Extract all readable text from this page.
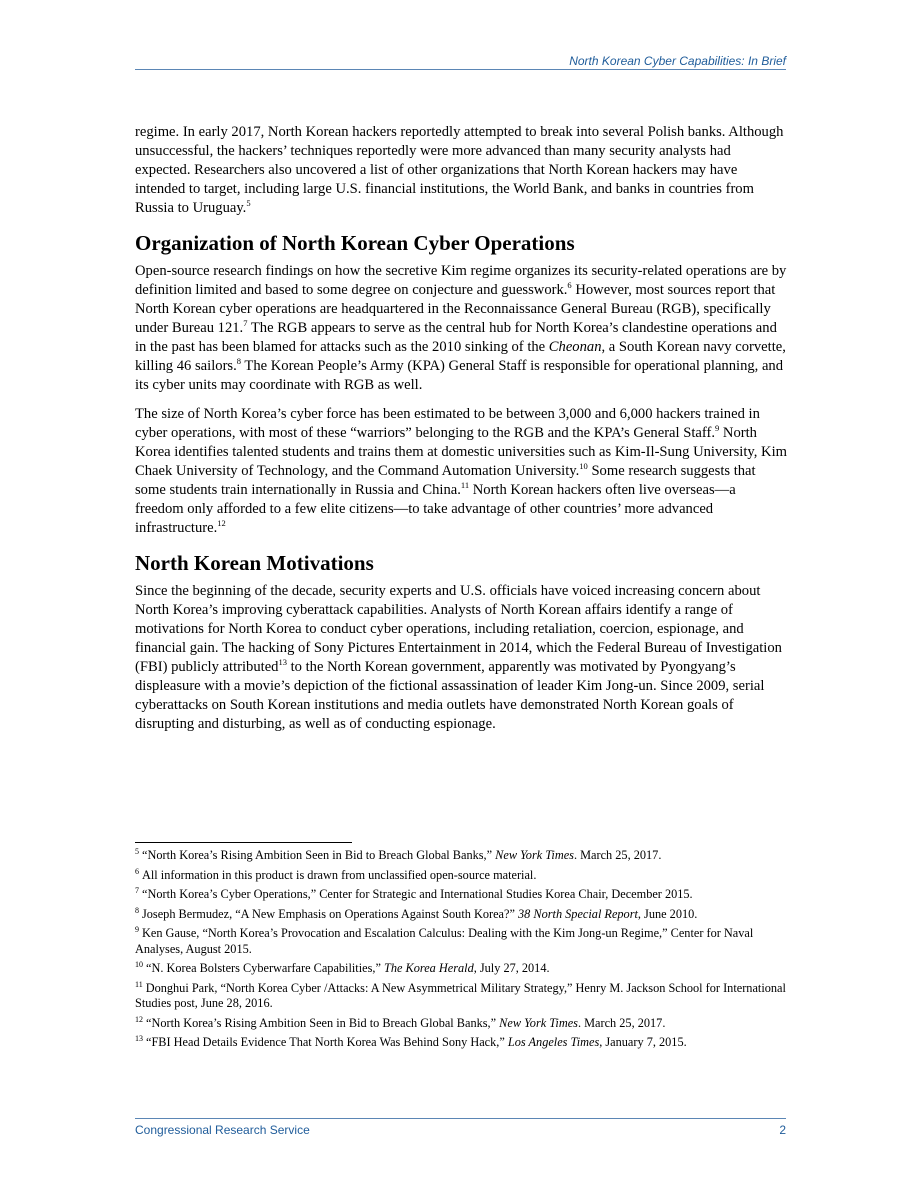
North Korean Cyber Capabilities: In Brief

regime. In early 2017, North Korean hackers reportedly attempted to break into several Polish banks. Although unsuccessful, the hackers’ techniques reportedly were more advanced than many security analysts had expected. Researchers also uncovered a list of other organizations that North Korean hackers may have intended to target, including large U.S. financial institutions, the World Bank, and banks in countries from Russia to Uruguay.$^5$

Organization of North Korean Cyber Operations

Open-source research findings on how the secretive Kim regime organizes its security-related operations are by definition limited and based to some degree on conjecture and guesswork.$^6$ However, most sources report that North Korean cyber operations are headquartered in the Reconnaissance General Bureau (RGB), specifically under Bureau 121.$^7$ The RGB appears to serve as the central hub for North Korea’s clandestine operations and in the past has been blamed for attacks such as the 2010 sinking of the Cheonan, a South Korean navy corvette, killing 46 sailors.$^8$ The Korean People’s Army (KPA) General Staff is responsible for operational planning, and its cyber units may coordinate with RGB as well.

The size of North Korea’s cyber force has been estimated to be between 3,000 and 6,000 hackers trained in cyber operations, with most of these “warriors” belonging to the RGB and the KPA’s General Staff.$^9$ North Korea identifies talented students and trains them at domestic universities such as Kim-Il-Sung University, Kim Chaek University of Technology, and the Command Automation University.$^{10}$ Some research suggests that some students train internationally in Russia and China.$^{11}$ North Korean hackers often live overseas—a freedom only afforded to a few elite citizens—to take advantage of other countries’ more advanced infrastructure.$^{12}$

North Korean Motivations

Since the beginning of the decade, security experts and U.S. officials have voiced increasing concern about North Korea’s improving cyberattack capabilities. Analysts of North Korean affairs identify a range of motivations for North Korea to conduct cyber operations, including retaliation, coercion, espionage, and financial gain. The hacking of Sony Pictures Entertainment in 2014, which the Federal Bureau of Investigation (FBI) publicly attributed$^{13}$ to the North Korean government, apparently was motivated by Pyongyang’s displeasure with a movie’s depiction of the fictional assassination of leader Kim Jong-un. Since 2009, serial cyberattacks on South Korean institutions and media outlets have demonstrated North Korean goals of disrupting and disturbing, as well as of conducting espionage.

$^5$ “North Korea’s Rising Ambition Seen in Bid to Breach Global Banks,” New York Times. March 25, 2017.

$^6$ All information in this product is drawn from unclassified open-source material.

$^7$ “North Korea’s Cyber Operations,” Center for Strategic and International Studies Korea Chair, December 2015.

$^8$ Joseph Bermudez, “A New Emphasis on Operations Against South Korea?” 38 North Special Report, June 2010.

$^9$ Ken Gause, “North Korea’s Provocation and Escalation Calculus: Dealing with the Kim Jong-un Regime,” Center for Naval Analyses, August 2015.

$^{10}$ “N. Korea Bolsters Cyberwarfare Capabilities,” The Korea Herald, July 27, 2014.

$^{11}$ Donghui Park, “North Korea Cyber /Attacks: A New Asymmetrical Military Strategy,” Henry M. Jackson School for International Studies post, June 28, 2016.

$^{12}$ “North Korea’s Rising Ambition Seen in Bid to Breach Global Banks,” New York Times. March 25, 2017.

$^{13}$ “FBI Head Details Evidence That North Korea Was Behind Sony Hack,” Los Angeles Times, January 7, 2015.

Congressional Research Service	2
